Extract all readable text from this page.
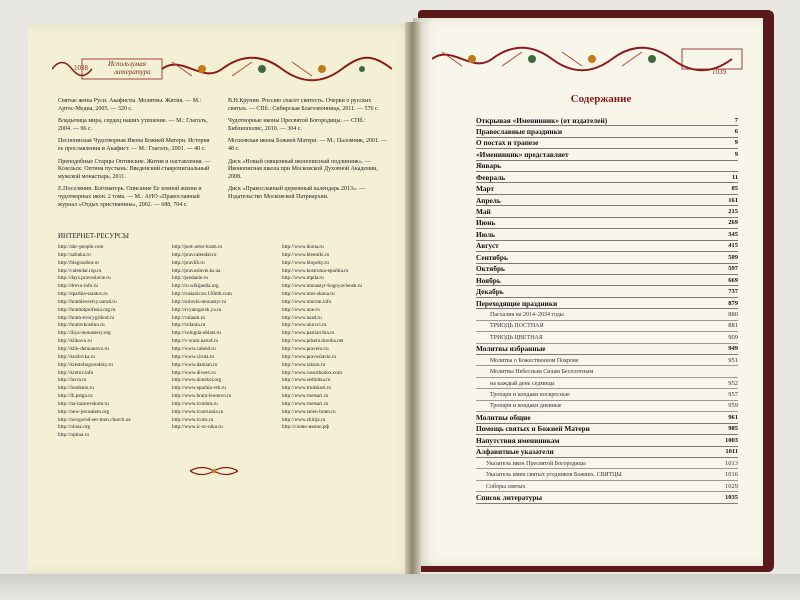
1038	Использумая
литература	1039

Святые жены Руси. Акафисты. Молитвы. Жития. — М.: Артос-Медиа, 2005. — 320 с.

Владычица мира, сердец наших утешение. — М.: Глаголъ, 2004. — 96 с.

Песнописная Чудотворная Икона Божией Матери. История ее прославления и Акафист. — М.: Глаголъ, 2001. — 40 с.

Преподобные Старцы Оптинские. Жития и наставления. — Козельск: Оптина пустынь: Введенский ставропигиальный мужской монастырь, 2011.

Е.Поселянин. Богоматерь. Описание Ее земной жизни и чудотворных икон. 2 тома. — М.: АНО «Православный журнал «Отдых христианина», 2002. — 688, 704 с.

В.Н.Крупин. Россию спасет святость. Очерки о русских святых. — СПб.: Сибирская Благозвонница, 2011. — 576 с.

Чудотворные иконы Пресвятой Богородицы. — СПб.: Библиополис, 2010. — 304 с.

Московская икона Божией Матери. — М.: Паломник, 2001. — 48 с.

Диск «Новый священный иконописный подлинник». — Иконописная школа при Московской Духовной Академии, 2008.

Диск «Православный церковный календарь 2013». — Издательство Московской Патриархии.

ИНТЕРНЕТ-РЕСУРСЫ
http://abc-people.com
http://azbuka.ru
http://blagosobor.ru
http://calendar.rop.ru
http://days.pravoslavie.ru
http://drevo-info.ru
http://eparhia-saratov.ru
http://hramlevestvy.narod.ru
http://hramotprofesia.org.ru
http://hram-troicygribod.ru
http://hramvkostino.ru
http://iliya-monastery.org
http://klikovo.ru
http://klin-demianovo.ru
http://kozlovka.ru
http://krestobogorodsky.ru
http://krotov.info
http://lavra.ru
http://loudsino.ru
http://lh.pstgu.ru
http://na-lazarevskom.ru
http://new-jerusalem.org
http://novgorod-ser-mon.church.ua
http://obraz.org
http://optina.ru
http://port-artur-hram.ro
http://pravcalendar.ru
http://pravlib.ru
http://pravoslavie.ks.ua
http://predanie.ru
http://ru.wikipedia.org
http://rusianicon.110mb.com
http://solovki-monastyr.ru
http://svyatogorsk.ya.ru
http://valaam.ru
http://vidania.ru
http://vologda-oblast.ru
http://v-xram.narod.ru
http://www.calend.ru
http://www.cirota.ru
http://www.damian.ru
http://www.diveev.ru
http://www.donskoi.org
http://www.eparhia-vtk.ru
http://www.hram-leonovo.ru
http://www.iconhm.ru
http://www.iconrussia.ru
http://www.icons.ru
http://www.ic-sc-nika.ru
http://www.ikona.ru
http://www.klenniki.ru
http://www.klopoky.ru
http://www.kostroma-eparhia.ru
http://www.mpda.ru
http://www.monastyr-bogoyavlensk.ru
http://www.mos-skona.ru
http://www.murom.info
http://www.nne.ru
http://www.nsad.ru
http://www.okovci.ru
http://www.patriarchia.ru
http://www.pdsem.mreiha.net
http://www.pravenc.ru
http://www.pravoslavie.ru
http://www.raizon.ru
http://www.rusorthodox.com
http://www.sedmitsa.ru
http://www.troitskoti.ru
http://www.vsetsari.ru
http://www.vsetsari.ru
http://www.zelen-hram.ru
http://www.zhitija.ru
http://слово-иконо.рф
Содержание
Открывая «Именинник» (от издателей)	7
Православные праздники	6
О постах и трапезе	9
«Именинник» представляет	9
Январь
Февраль	11
Март	85
Апрель	161
Май	215
Июнь	269
Июль	345
Август	415
Сентябрь	509
Октябрь	597
Ноябрь	669
Декабрь	737
Переходящие праздники	879
Пасхалия на 2014–2034 годы	880
ТРИОДЬ ПОСТНАЯ	881
ТРИОДЬ ЦВЕТНАЯ	909
Молитвы избранные	949
Молитва о Божественном Покрове	951
Молитвы Небесным Силам Бесплотным
на каждый день седмицы	952
Тропари и кондаки воскресные	957
Тропари и кондаки дневные	959
Молитвы общие	961
Помощь святых и Божией Матери	985
Напутствия имениникам	1003
Алфавитные указатели	1011
Указатель икон Пресвятой Богородицы	1013
Указатель имен святых угодников Божиих. СВЯТЦЫ	1016
Соборы святых	1029
Список литературы	1035
